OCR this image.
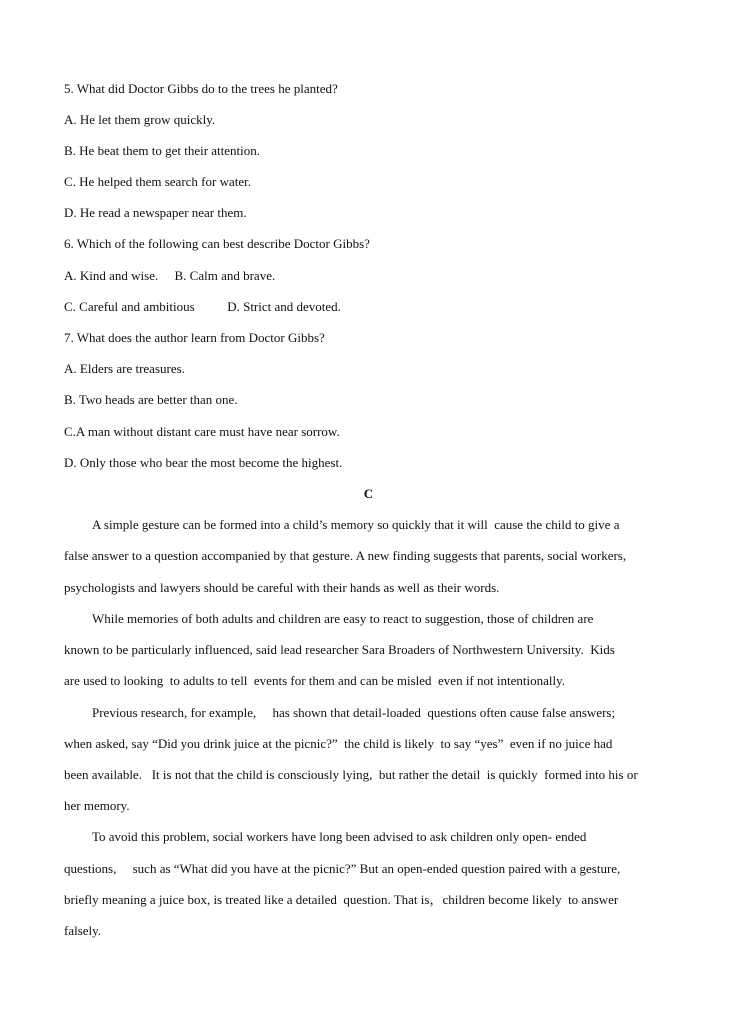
5. What did Doctor Gibbs do to the trees he planted?
A. He let them grow quickly.
B. He beat them to get their attention.
C. He helped them search for water.
D. He read a newspaper near them.
6. Which of the following can best describe Doctor Gibbs?
A. Kind and wise.     B. Calm and brave.
C. Careful and ambitious          D. Strict and devoted.
7. What does the author learn from Doctor Gibbs?
A. Elders are treasures.
B. Two heads are better than one.
C.A man without distant care must have near sorrow.
D. Only those who bear the most become the highest.
C
A simple gesture can be formed into a child’s memory so quickly that it will  cause the child to give a
false answer to a question accompanied by that gesture. A new finding suggests that parents, social workers,
psychologists and lawyers should be careful with their hands as well as their words.
While memories of both adults and children are easy to react to suggestion, those of children are
known to be particularly influenced, said lead researcher Sara Broaders of Northwestern University.  Kids
are used to looking  to adults to tell  events for them and can be misled  even if not intentionally.
Previous research, for example,     has shown that detail-loaded  questions often cause false answers;
when asked, say “Did you drink juice at the picnic?”  the child is likely  to say “yes”  even if no juice had
been available.   It is not that the child is consciously lying,  but rather the detail  is quickly  formed into his or
her memory.
To avoid this problem, social workers have long been advised to ask children only open- ended
questions,     such as “What did you have at the picnic?” But an open-ended question paired with a gesture,
briefly meaning a juice box, is treated like a detailed  question. That is，children become likely  to answer
falsely.
